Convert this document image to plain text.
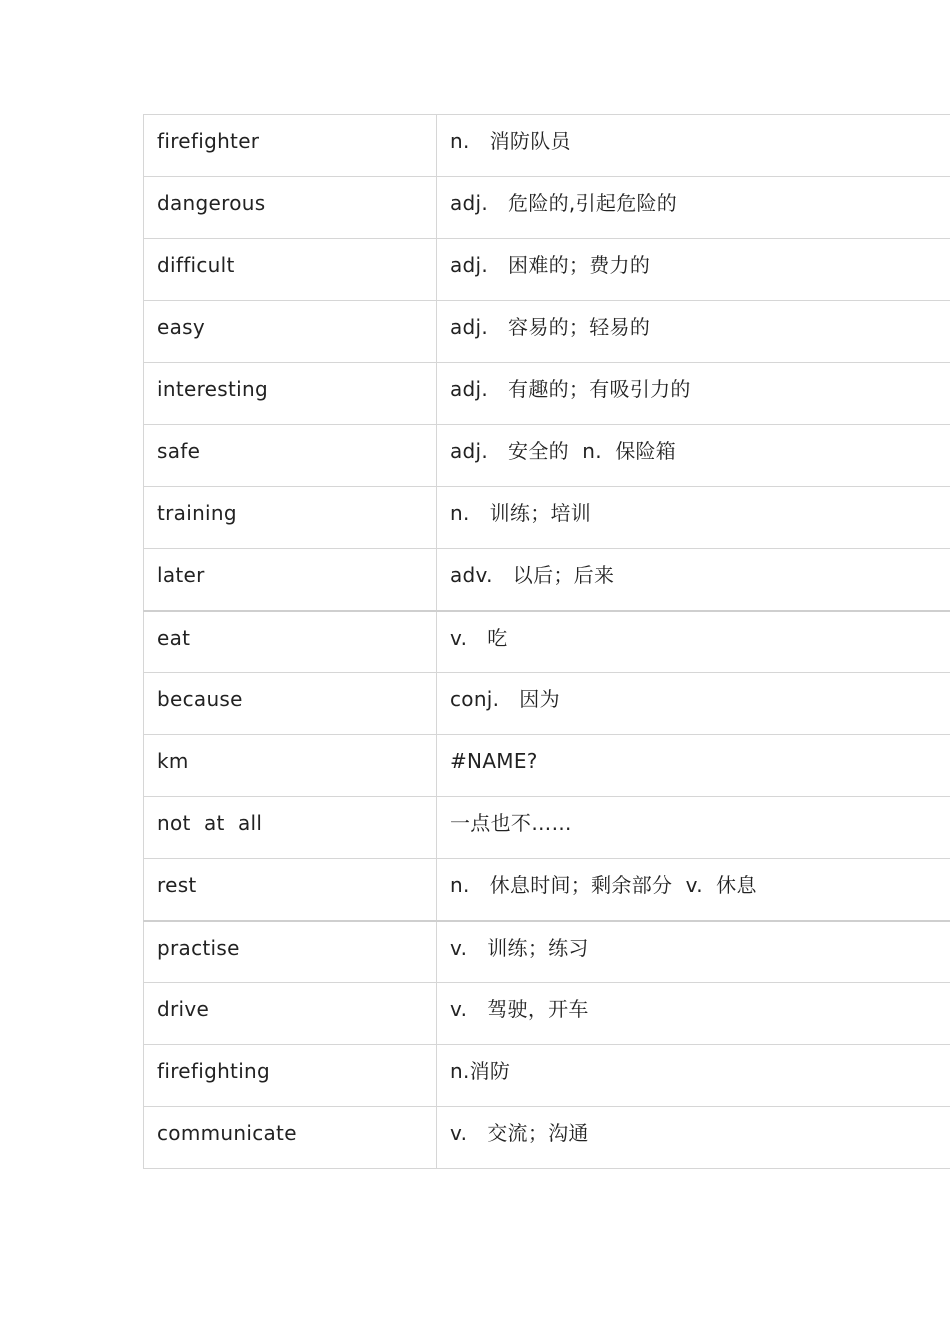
firefighter	n.   消防队员
dangerous	adj.   危险的,引起危险的
difficult	adj.   困难的；费力的
easy	adj.   容易的；轻易的
interesting	adj.   有趣的；有吸引力的
safe	adj.   安全的  n.  保险箱
training	n.   训练；培训
later	adv.   以后；后来
eat	v.   吃
because	conj.   因为
km	#NAME?
not  at  all	一点也不……
rest	n.   休息时间；剩余部分  v.  休息
practise	v.   训练；练习
drive	v.   驾驶，开车
firefighting	n.消防
communicate	v.   交流；沟通
